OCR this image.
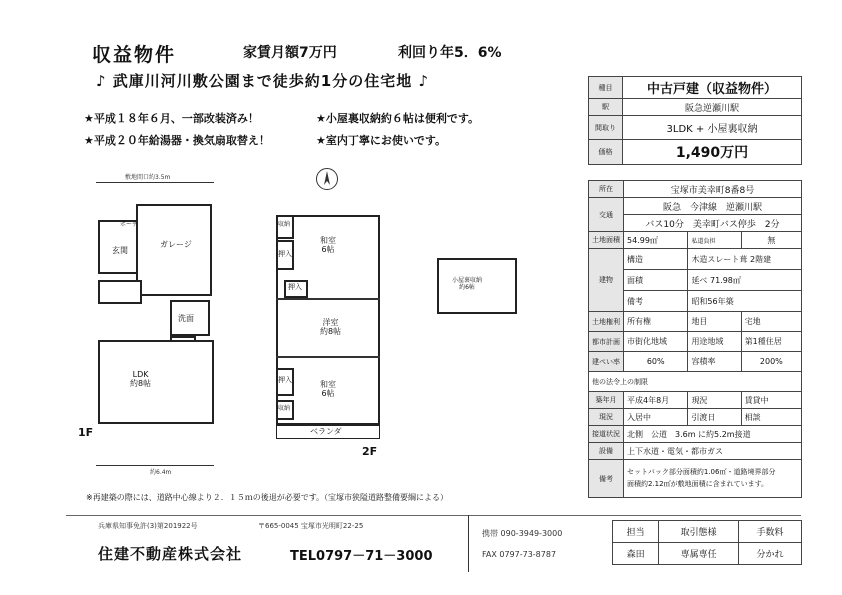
収益物件	家賃月額7万円	利回り年5．6%
♪ 武庫川河川敷公園まで徒歩約1分の住宅地 ♪
★平成１８年６月、一部改装済み！	★小屋裏収納約６帖は便利です。
★平成２０年給湯器・換気扇取替え！	★室内丁寧にお使いです。
種目	中古戸建（収益物件）
駅	阪急逆瀬川駅
間取り	3LDK + 小屋裏収納
価格	1,490万円
所在	宝塚市美幸町8番8号		
交通	阪急　今津線　逆瀬川駅		
	バス10分　美幸町バス停歩　2分		
土地面積	54.99㎡	私道負担	無
建物	構造	木造スレート葺 2階建	
	面積	延べ 71.98㎡	
	備考	昭和56年築	
土地権利	所有権	地目	宅地
都市計画	市街化地域	用途地域	第1種住居
建ぺい率	60%	容積率	200%
他の法令上の制限			
築年月	平成4年8月	現況	賃貸中
現況	入居中	引渡日	相談
接道状況	北側　公道　3.6m に約5.2m接道		
設備	上下水道・電気・都市ガス		
備考	セットバック部分面積約1.06㎡・道路境界部分
面積約2.12㎡が敷地面積に含まれています。		
敷地間口約3.5m
ガレージ
玄関
ポーチ
洗面
LDK
約8帖
1F
約6.4m
収納
押入
和室
6帖
押入
洋室
約8帖
押入	和室
6帖
収納
ベランダ
2F
小屋裏収納
約6帖
※再建築の際には、道路中心線より２．１５ｍの後退が必要です。（宝塚市狭隘道路整備要綱による）
兵庫県知事免許(3)第201922号	〒665-0045 宝塚市光明町22-25
住建不動産株式会社	TEL0797－71－3000
携帯 090-3949-3000
FAX 0797-73-8787
担当	取引態様	手数料
森田	専属専任	分かれ
